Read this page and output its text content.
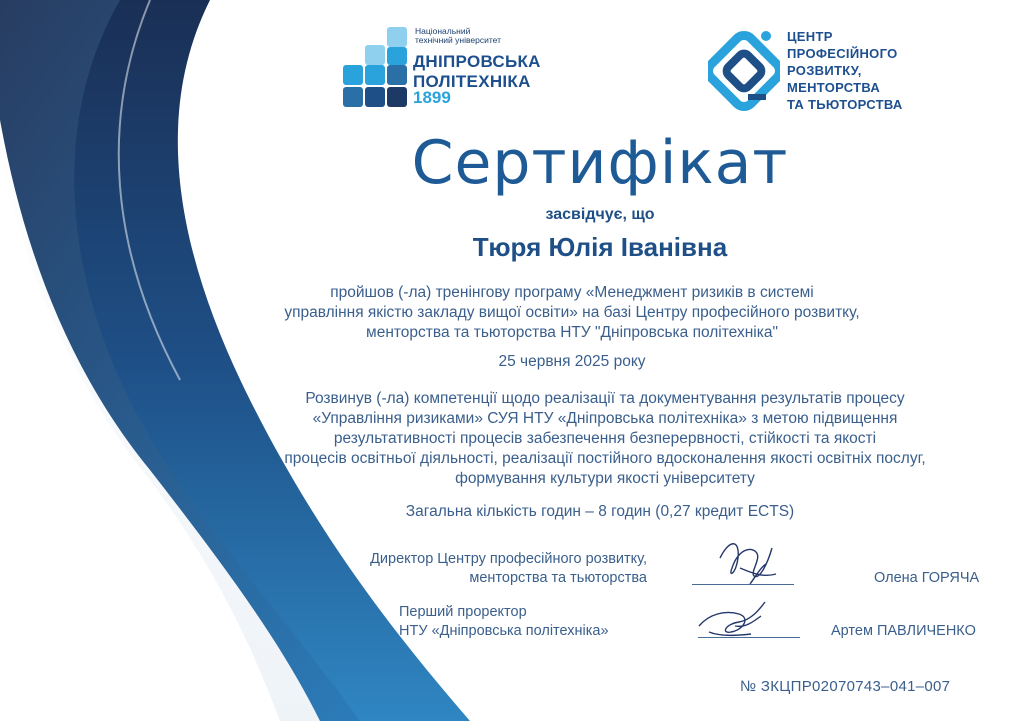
Національний
технічний університет
ДНІПРОВСЬКА
ПОЛІТЕХНІКА
1899
ЦЕНТР
ПРОФЕСІЙНОГО
РОЗВИТКУ,
МЕНТОРСТВА
ТА ТЬЮТОРСТВА
Сертифікат
засвідчує, що
Тюря Юлія Іванівна
пройшов (-ла) тренінгову програму «Менеджмент ризиків в системі
управління якістю закладу вищої освіти» на базі Центру професійного розвитку,
менторства та тьюторства НТУ "Дніпровська політехніка"
25 червня 2025 року
Розвинув (-ла) компетенції щодо реалізації та документування результатів процесу
«Управління ризиками» СУЯ НТУ «Дніпровська політехніка» з метою підвищення
результативності процесів забезпечення безперервності, стійкості та якості
процесів освітньої діяльності, реалізації постійного вдосконалення якості освітніх послуг,
формування культури якості університету
Загальна кількість годин – 8 годин (0,27 кредит ECTS)
Директор Центру професійного розвитку,
менторства та тьюторства	Олена ГОРЯЧА
Перший проректор
НТУ «Дніпровська політехніка»	Артем ПАВЛИЧЕНКО
№ ЗКЦПР02070743–041–007
